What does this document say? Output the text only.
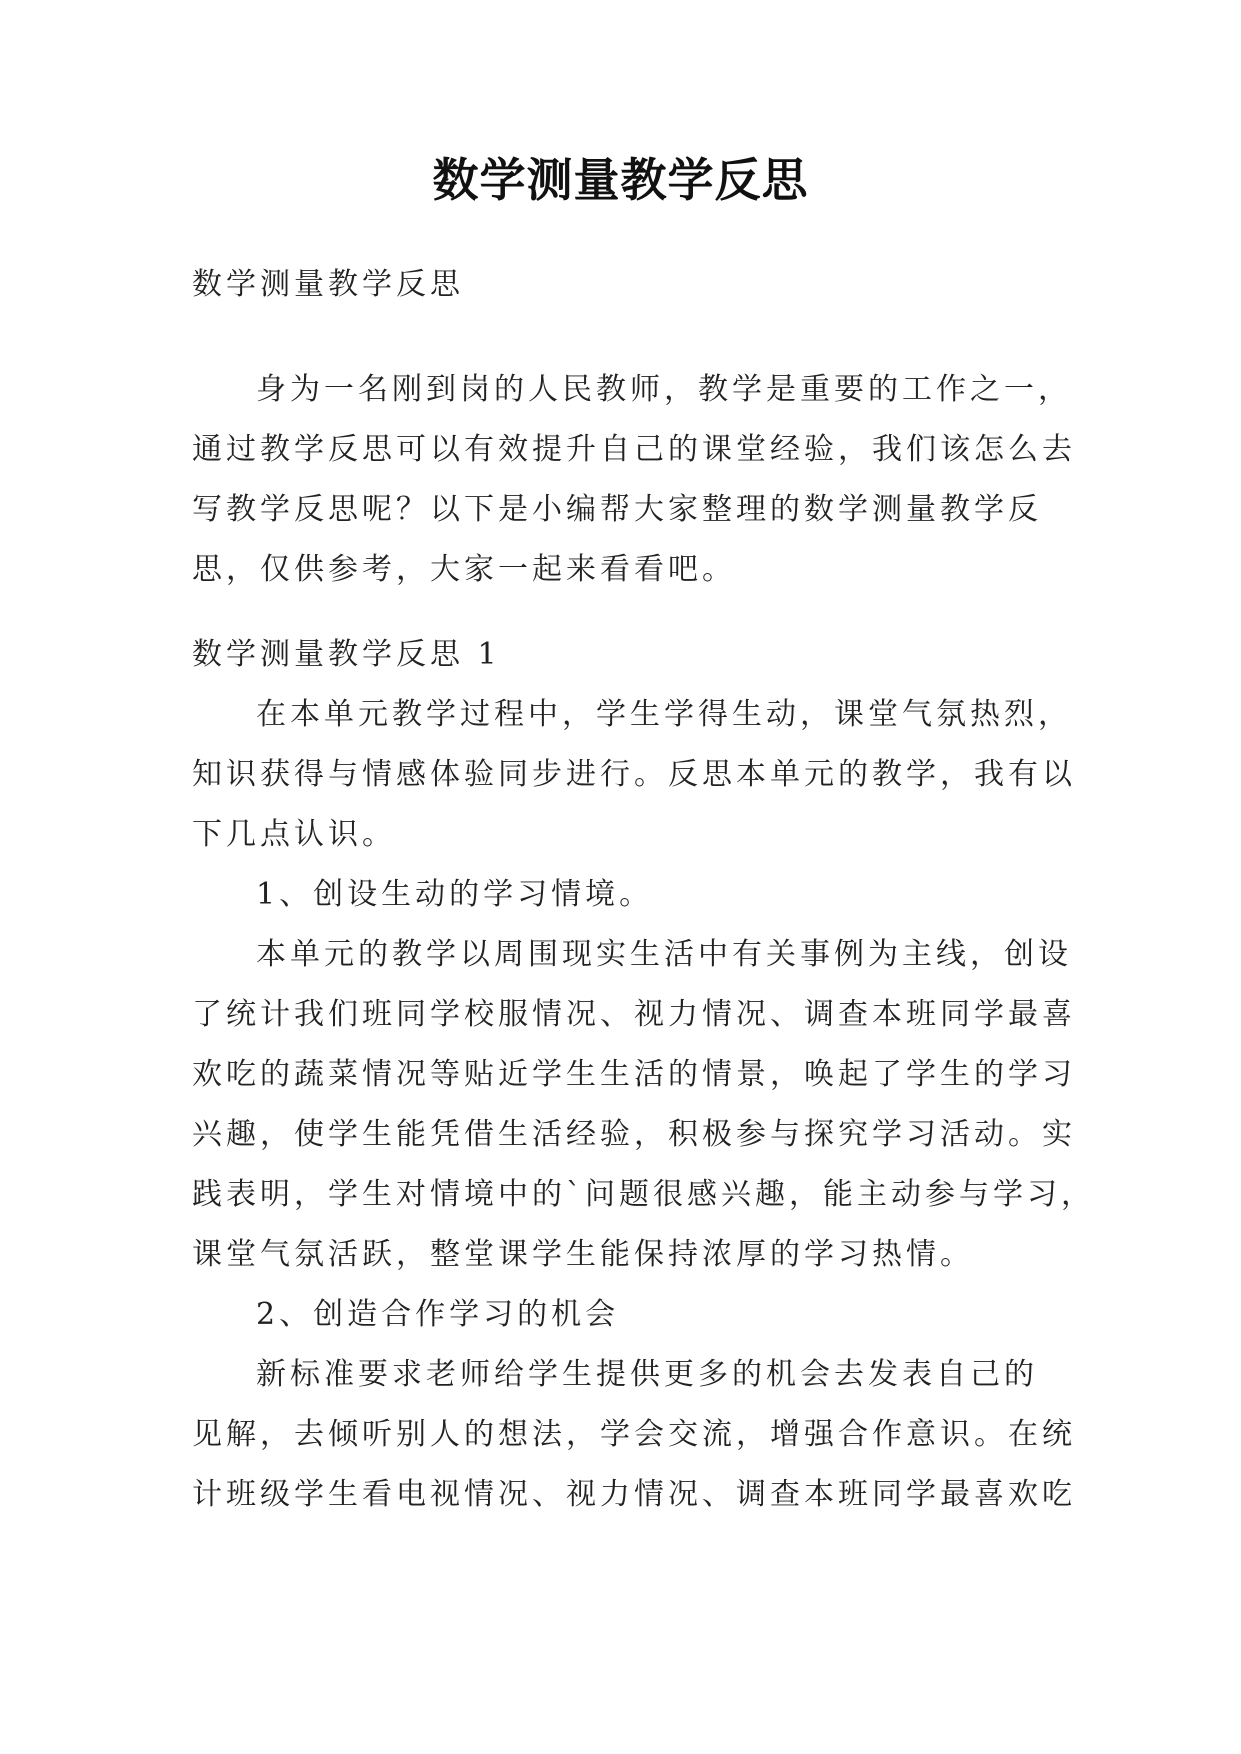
数学测量教学反思
数学测量教学反思
身为一名刚到岗的人民教师，教学是重要的工作之一，
通过教学反思可以有效提升自己的课堂经验，我们该怎么去
写教学反思呢？以下是小编帮大家整理的数学测量教学反
思，仅供参考，大家一起来看看吧。
数学测量教学反思 1
在本单元教学过程中，学生学得生动，课堂气氛热烈，
知识获得与情感体验同步进行。反思本单元的教学，我有以
下几点认识。
1、创设生动的学习情境。
本单元的教学以周围现实生活中有关事例为主线，创设
了统计我们班同学校服情况、视力情况、调查本班同学最喜
欢吃的蔬菜情况等贴近学生生活的情景，唤起了学生的学习
兴趣，使学生能凭借生活经验，积极参与探究学习活动。实
践表明，学生对情境中的`问题很感兴趣，能主动参与学习，
课堂气氛活跃，整堂课学生能保持浓厚的学习热情。
2、创造合作学习的机会
新标准要求老师给学生提供更多的机会去发表自己的
见解，去倾听别人的想法，学会交流，增强合作意识。在统
计班级学生看电视情况、视力情况、调查本班同学最喜欢吃
